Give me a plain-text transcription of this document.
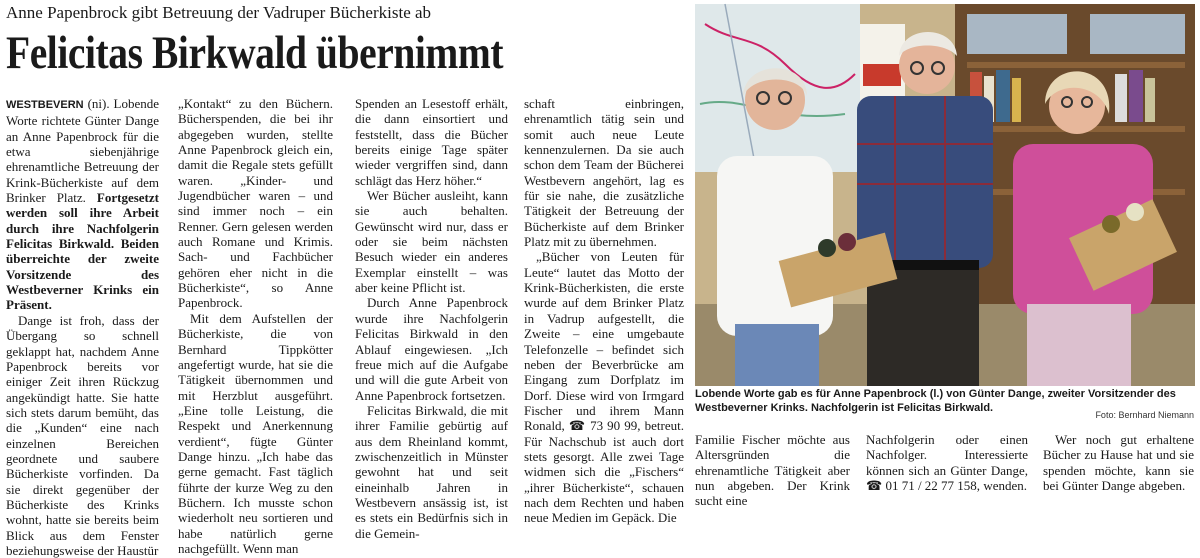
Anne Papenbrock gibt Betreuung der Vadruper Bücherkiste ab
Felicitas Birkwald übernimmt

WESTBEVERN (ni). Lobende Worte richtete Günter Dange an Anne Papenbrock für die etwa siebenjährige ehrenamtliche Betreuung der Krink-Bücherkiste auf dem Brinker Platz. Fortgesetzt werden soll ihre Arbeit durch ihre Nachfolgerin Felicitas Birkwald. Beiden überreichte der zweite Vorsitzende des Westbeverner Krinks ein Präsent.

Dange ist froh, dass der Übergang so schnell geklappt hat, nachdem Anne Papenbrock bereits vor einiger Zeit ihren Rückzug angekündigt hatte. Sie hatte sich stets darum bemüht, das die „Kunden“ eine nach einzelnen Bereichen geordnete und saubere Bücherkiste vorfinden. Da sie direkt gegenüber der Bücherkiste des Krinks wohnt, hatte sie bereits beim Blick aus dem Fenster beziehungsweise der Haustür

„Kontakt“ zu den Büchern. Bücherspenden, die bei ihr abgegeben wurden, stellte Anne Papenbrock gleich ein, damit die Regale stets gefüllt waren. „Kinder- und Jugendbücher waren – und sind immer noch – ein Renner. Gern gelesen werden auch Romane und Krimis. Sach- und Fachbücher gehören eher nicht in die Bücherkiste“, so Anne Papenbrock.

Mit dem Aufstellen der Bücherkiste, die von Bernhard Tippkötter angefertigt wurde, hat sie die Tätigkeit übernommen und mit Herzblut ausgeführt. „Eine tolle Leistung, die Respekt und Anerkennung verdient“, fügte Günter Dange hinzu. „Ich habe das gerne gemacht. Fast täglich führte der kurze Weg zu den Büchern. Ich musste schon wiederholt neu sortieren und habe natürlich gerne nachgefüllt. Wenn man

Spenden an Lesestoff erhält, die dann einsortiert und feststellt, dass die Bücher bereits einige Tage später wieder vergriffen sind, dann schlägt das Herz höher.“

Wer Bücher ausleiht, kann sie auch behalten. Gewünscht wird nur, dass er oder sie beim nächsten Besuch wieder ein anderes Exemplar einstellt – was aber keine Pflicht ist.

Durch Anne Papenbrock wurde ihre Nachfolgerin Felicitas Birkwald in den Ablauf eingewiesen. „Ich freue mich auf die Aufgabe und will die gute Arbeit von Anne Papenbrock fortsetzen.

Felicitas Birkwald, die mit ihrer Familie gebürtig auf aus dem Rheinland kommt, zwischenzeitlich in Münster gewohnt hat und seit eineinhalb Jahren in Westbevern ansässig ist, ist es stets ein Bedürfnis sich in die Gemein-

schaft einbringen, ehrenamtlich tätig sein und somit auch neue Leute kennenzulernen. Da sie auch schon dem Team der Bücherei Westbevern angehört, lag es für sie nahe, die zusätzliche Tätigkeit der Betreuung der Bücherkiste auf dem Brinker Platz mit zu übernehmen.

„Bücher von Leuten für Leute“ lautet das Motto der Krink-Bücherkisten, die erste wurde auf dem Brinker Platz in Vadrup aufgestellt, die Zweite – eine umgebaute Telefonzelle – befindet sich neben der Beverbrücke am Eingang zum Dorfplatz im Dorf. Diese wird von Irmgard Fischer und ihrem Mann Ronald, ☎ 73 90 99, betreut. Für Nachschub ist auch dort stets gesorgt. Alle zwei Tage widmen sich die „Fischers“ „ihrer Bücherkiste“, schauen nach dem Rechten und haben neue Medien im Gepäck. Die

Lobende Worte gab es für Anne Papenbrock (l.) von Günter Dange, zweiter Vorsitzender des Westbeverner Krinks. Nachfolgerin ist Felicitas Birkwald.
Foto: Bernhard Niemann

Familie Fischer möchte aus Altersgründen die ehrenamtliche Tätigkeit aber nun abgeben. Der Krink sucht eine

Nachfolgerin oder einen Nachfolger. Interessierte können sich an Günter Dange, ☎ 01 71 / 22 77 158, wenden.

Wer noch gut erhaltene Bücher zu Hause hat und sie spenden möchte, kann sie bei Günter Dange abgeben.
